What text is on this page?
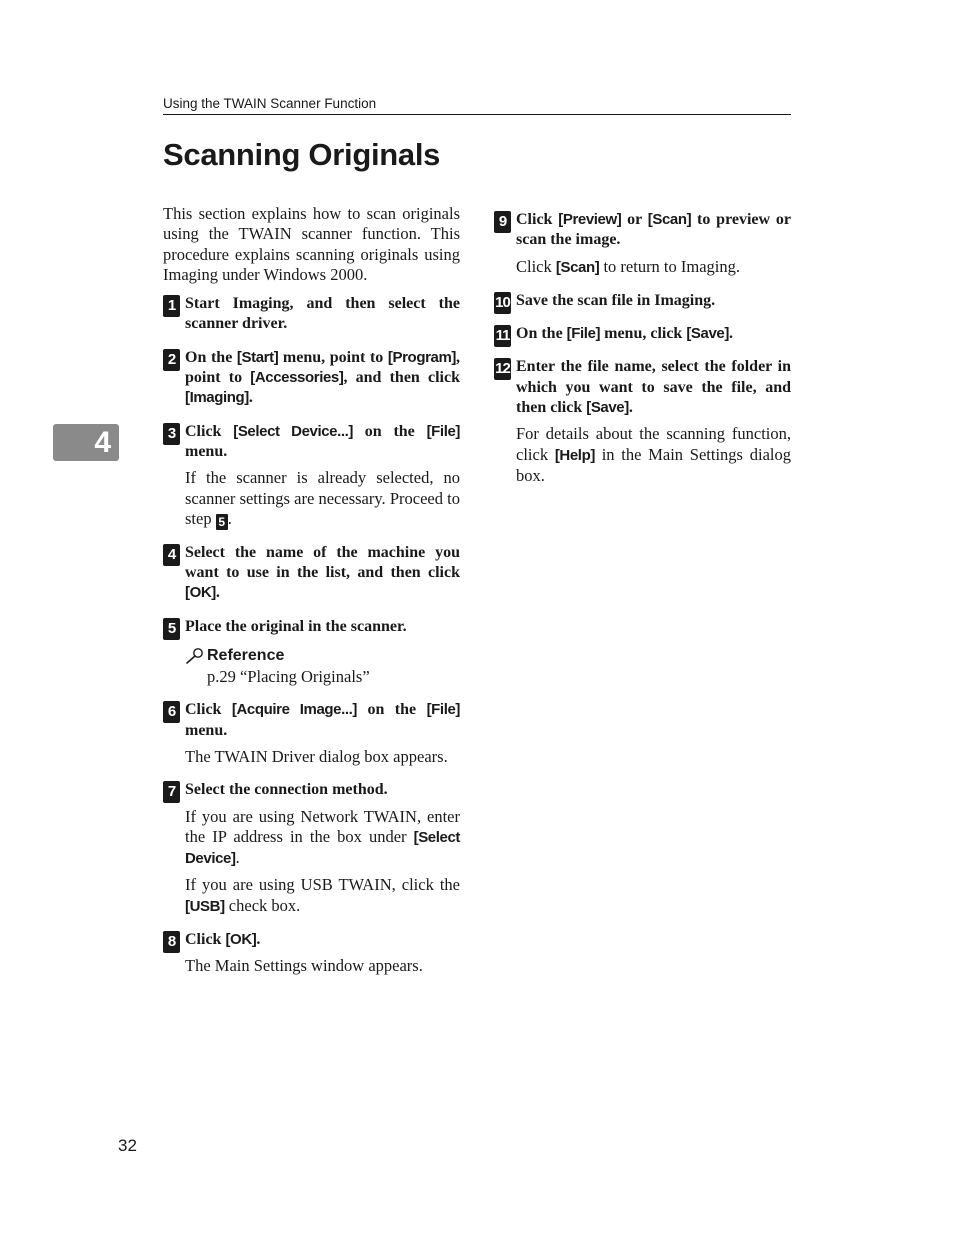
Using the TWAIN Scanner Function
Scanning Originals
4

This section explains how to scan originals using the TWAIN scanner function. This procedure explains scanning originals using Imaging under Windows 2000.

1 Start Imaging, and then select the scanner driver.

2 On the [Start] menu, point to [Program], point to [Accessories], and then click [Imaging].

3 Click [Select Device...] on the [File] menu.

If the scanner is already selected, no scanner settings are necessary. Proceed to step 5 .

4 Select the name of the machine you want to use in the list, and then click [OK].

5 Place the original in the scanner.

Reference

p.29 “Placing Originals”

6 Click [Acquire Image...] on the [File] menu.

The TWAIN Driver dialog box appears.

7 Select the connection method.

If you are using Network TWAIN, enter the IP address in the box under [Select Device].

If you are using USB TWAIN, click the [USB] check box.

8 Click [OK].

The Main Settings window appears.

9 Click [Preview] or [Scan] to preview or scan the image.

Click [Scan] to return to Imaging.

10 Save the scan file in Imaging.

11 On the [File] menu, click [Save].

12 Enter the file name, select the folder in which you want to save the file, and then click [Save].

For details about the scanning function, click [Help] in the Main Settings dialog box.

32
